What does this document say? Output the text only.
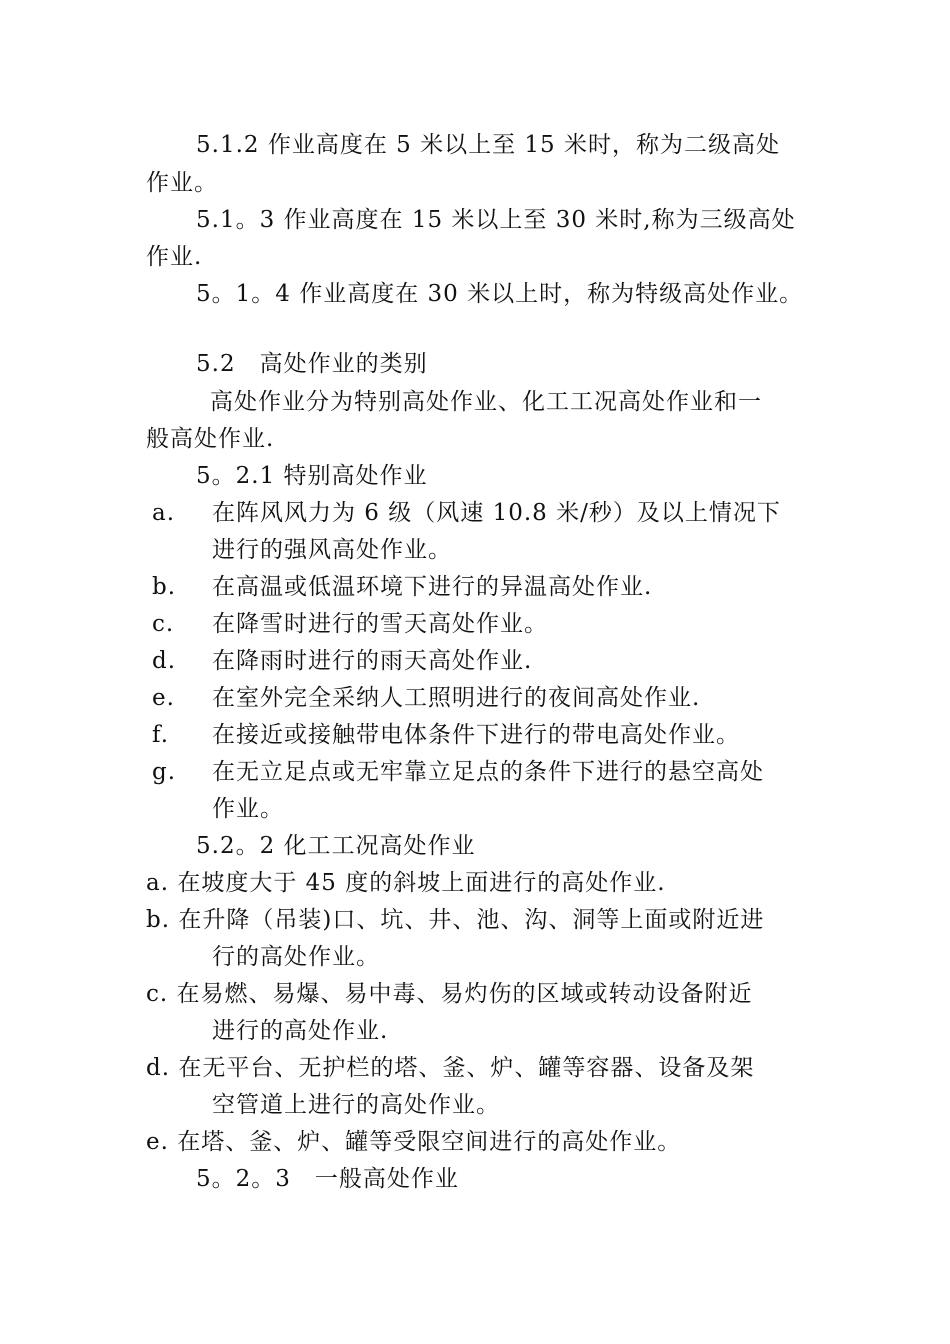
5.1.2 作业高度在 5 米以上至 15 米时，称为二级高处
作业。
5.1。3 作业高度在 15 米以上至 30 米时,称为三级高处
作业.
5。1。4 作业高度在 30 米以上时，称为特级高处作业。
5.2　高处作业的类别
高处作业分为特别高处作业、化工工况高处作业和一
般高处作业.
5。2.1 特别高处作业
a. 在阵风风力为 6 级（风速 10.8 米/秒）及以上情况下
进行的强风高处作业。
b. 在高温或低温环境下进行的异温高处作业.
c. 在降雪时进行的雪天高处作业。
d. 在降雨时进行的雨天高处作业.
e. 在室外完全采纳人工照明进行的夜间高处作业.
f. 在接近或接触带电体条件下进行的带电高处作业。
g. 在无立足点或无牢靠立足点的条件下进行的悬空高处
作业。
5.2。2 化工工况高处作业
a. 在坡度大于 45 度的斜坡上面进行的高处作业.
b. 在升降（吊装)口、坑、井、池、沟、洞等上面或附近进
行的高处作业。
c. 在易燃、易爆、易中毒、易灼伤的区域或转动设备附近
进行的高处作业.
d. 在无平台、无护栏的塔、釜、炉、罐等容器、设备及架
空管道上进行的高处作业。
e. 在塔、釜、炉、罐等受限空间进行的高处作业。
5。2。3　一般高处作业
